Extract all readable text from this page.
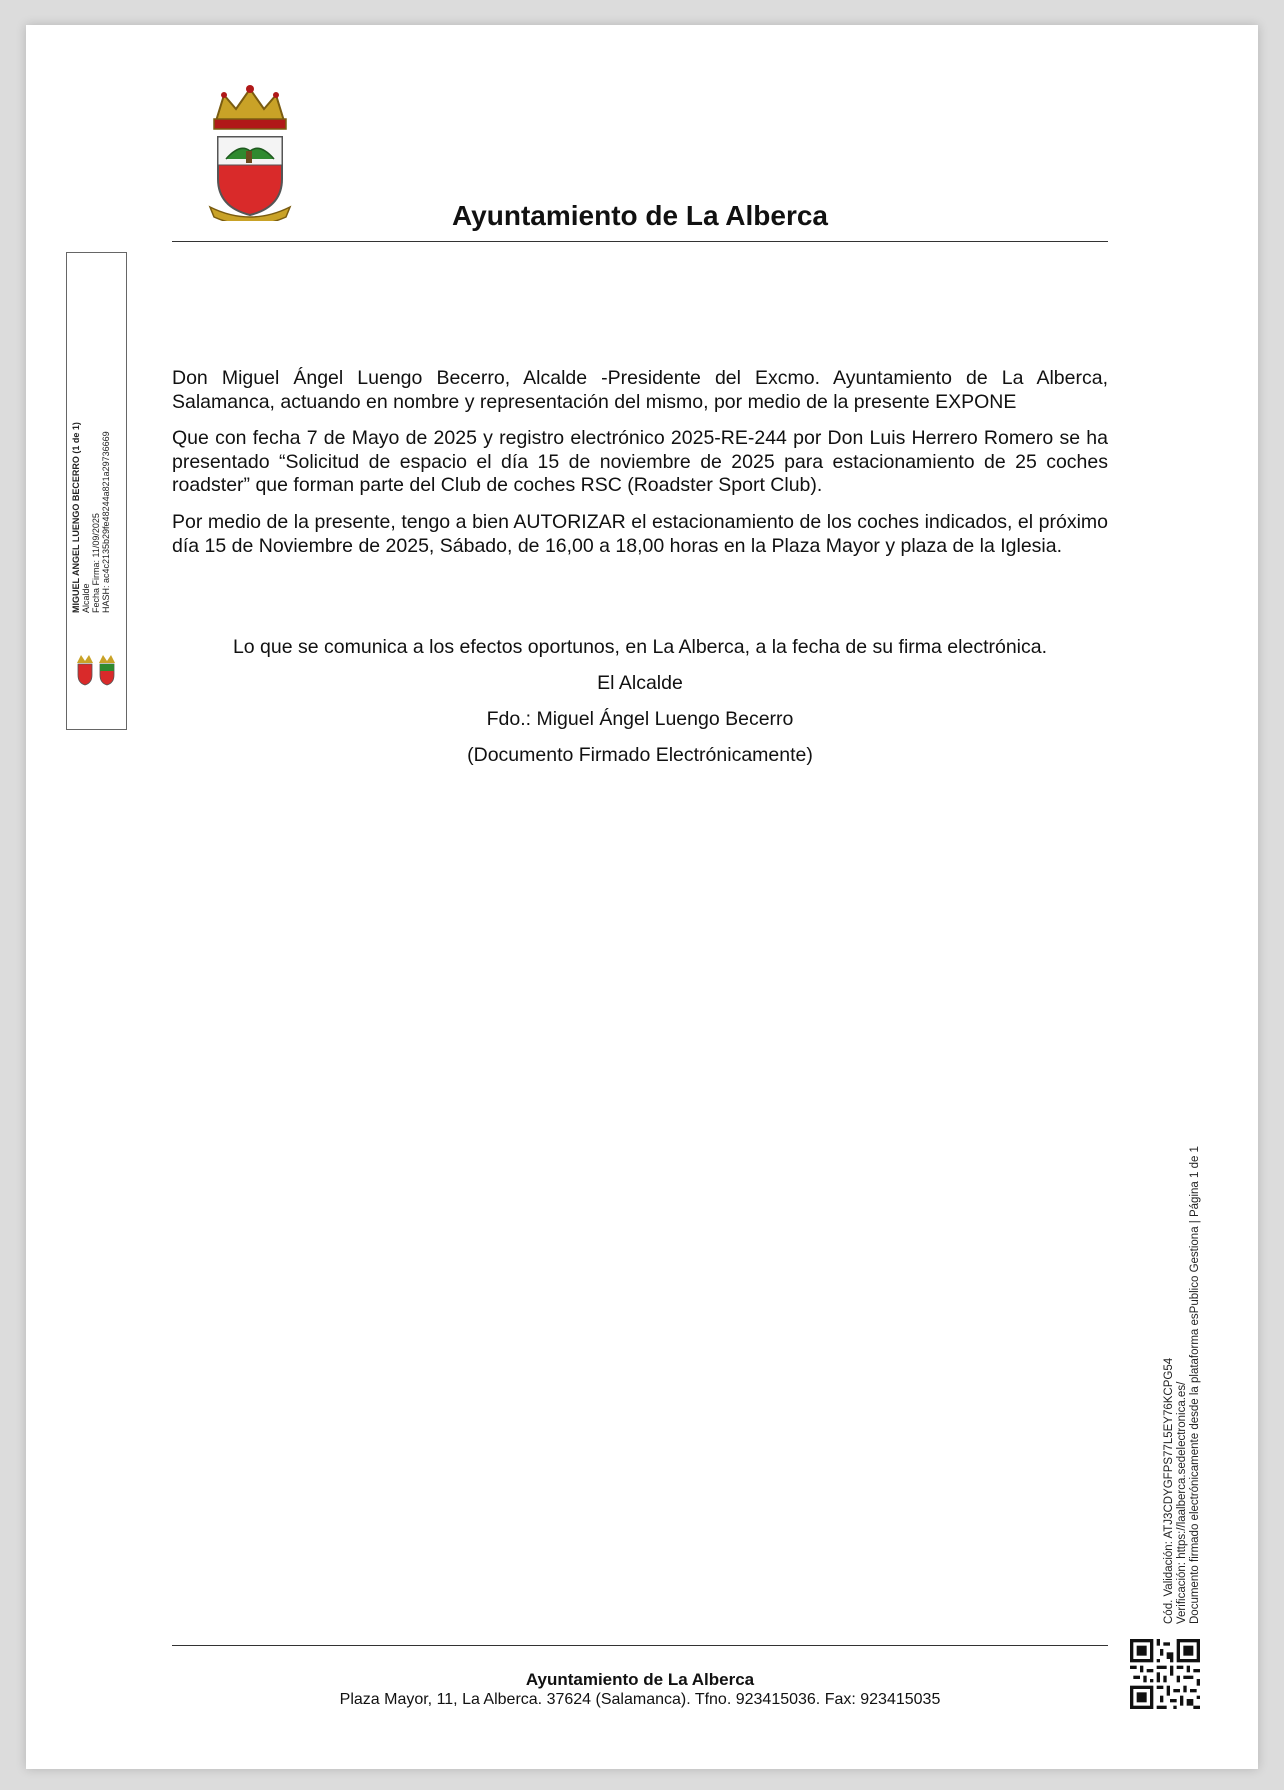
Ayuntamiento de La Alberca

Don Miguel Ángel Luengo Becerro, Alcalde -Presidente del Excmo. Ayuntamiento de La Alberca, Salamanca, actuando en nombre y representación del mismo, por medio de la presente EXPONE

Que con fecha 7 de Mayo de 2025 y registro electrónico 2025-RE-244 por Don Luis Herrero Romero se ha presentado “Solicitud de espacio el día 15 de noviembre de 2025 para estacionamiento de 25 coches roadster” que forman parte del Club de coches RSC (Roadster Sport Club).

Por medio de la presente, tengo a bien AUTORIZAR el estacionamiento de los coches indicados, el próximo día 15 de Noviembre de 2025, Sábado, de 16,00 a 18,00 horas en la Plaza Mayor y plaza de la Iglesia.

Lo que se comunica a los efectos oportunos, en La Alberca, a la fecha de su firma electrónica.
El Alcalde
Fdo.: Miguel Ángel Luengo Becerro
(Documento Firmado Electrónicamente)
MIGUEL ANGEL LUENGO BECERRO (1 de 1) Alcalde Fecha Firma: 11/09/2025 HASH: ac4c2135b29fe48244a821a29736669
Cód. Validación: ATJ3CDYGFPS77L5EY76KCPG54 Verificación: https://laalberca.sedelectronica.es/ Documento firmado electrónicamente desde la plataforma esPublico Gestiona | Página 1 de 1
Ayuntamiento de La Alberca
Plaza Mayor, 11, La Alberca. 37624 (Salamanca). Tfno. 923415036. Fax: 923415035
